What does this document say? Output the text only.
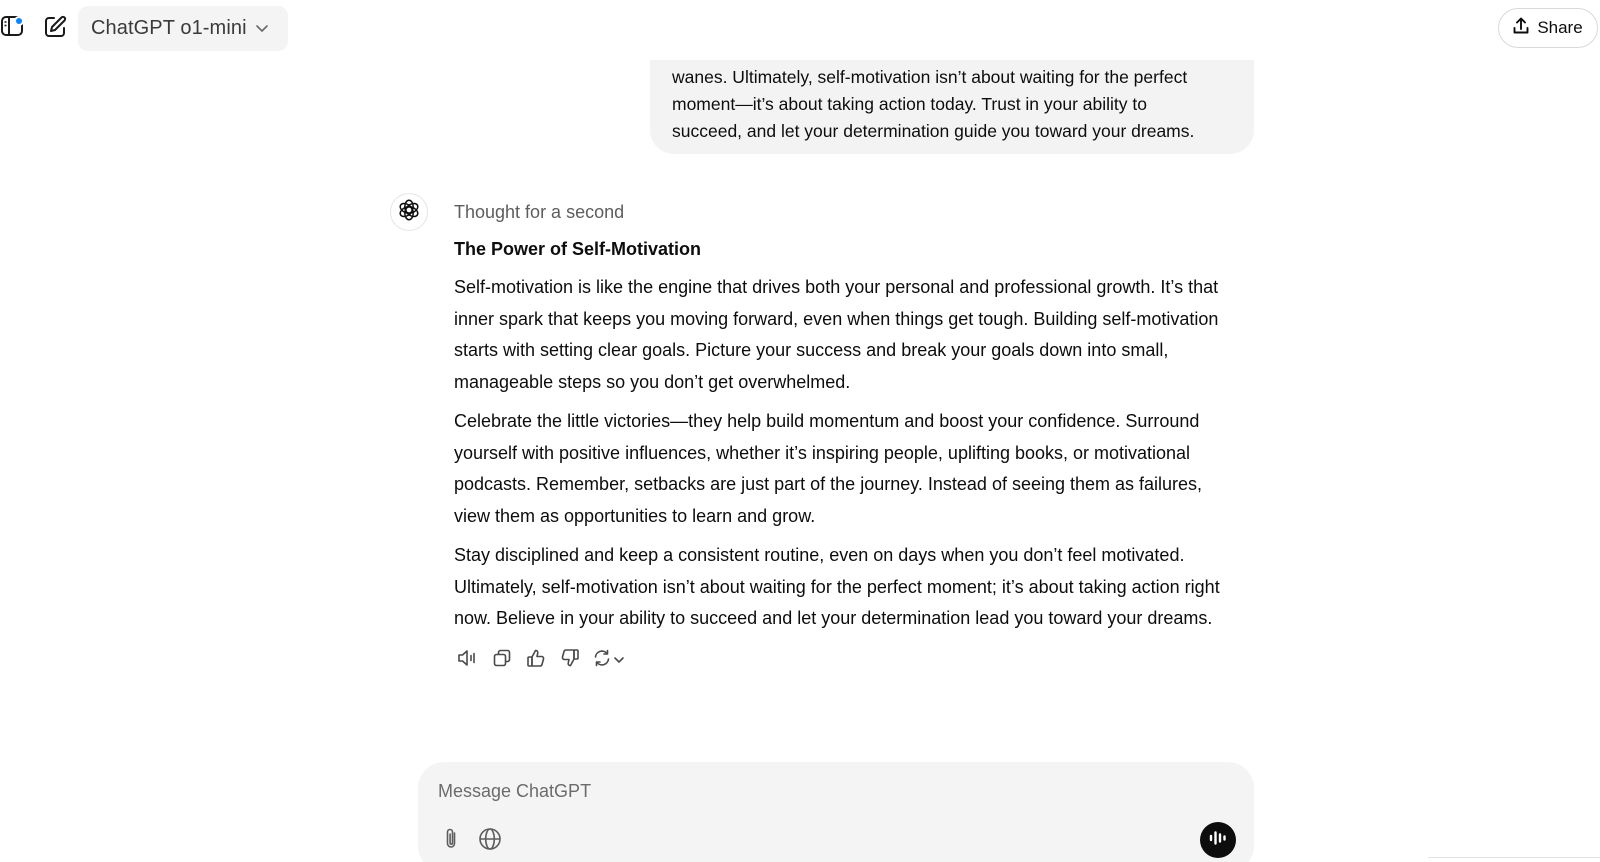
ChatGPT o1-mini	Share

wanes. Ultimately, self-motivation isn’t about waiting for the perfect

moment—it’s about taking action today. Trust in your ability to

succeed, and let your determination guide you toward your dreams.

Thought for a second
The Power of Self-Motivation
Self-motivation is like the engine that drives both your personal and professional growth. It’s that
inner spark that keeps you moving forward, even when things get tough. Building self-motivation
starts with setting clear goals. Picture your success and break your goals down into small,
manageable steps so you don’t get overwhelmed.
Celebrate the little victories—they help build momentum and boost your confidence. Surround
yourself with positive influences, whether it’s inspiring people, uplifting books, or motivational
podcasts. Remember, setbacks are just part of the journey. Instead of seeing them as failures,
view them as opportunities to learn and grow.
Stay disciplined and keep a consistent routine, even on days when you don’t feel motivated.
Ultimately, self-motivation isn’t about waiting for the perfect moment; it’s about taking action right
now. Believe in your ability to succeed and let your determination lead you toward your dreams.
Message ChatGPT
